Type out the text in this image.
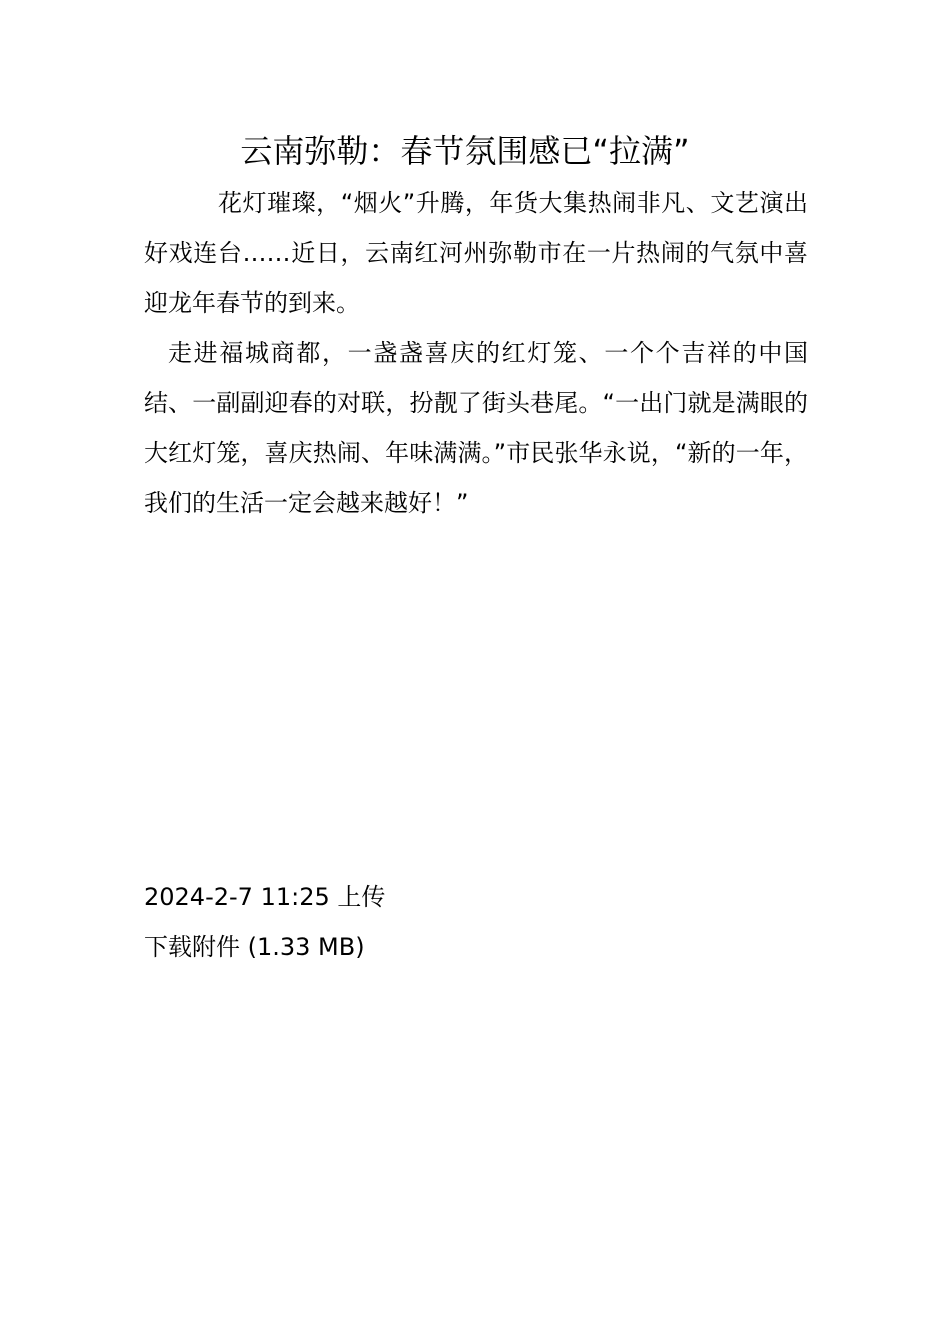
云南弥勒：春节氛围感已“拉满”

花灯璀璨，“烟火”升腾，年货大集热闹非凡、文艺演出好戏连台……近日，云南红河州弥勒市在一片热闹的气氛中喜迎龙年春节的到来。

走进福城商都，一盏盏喜庆的红灯笼、一个个吉祥的中国结、一副副迎春的对联，扮靓了街头巷尾。“一出门就是满眼的大红灯笼，喜庆热闹、年味满满。”市民张华永说，“新的一年，我们的生活一定会越来越好！”

2024-2-7 11:25 上传
下载附件 (1.33 MB)
